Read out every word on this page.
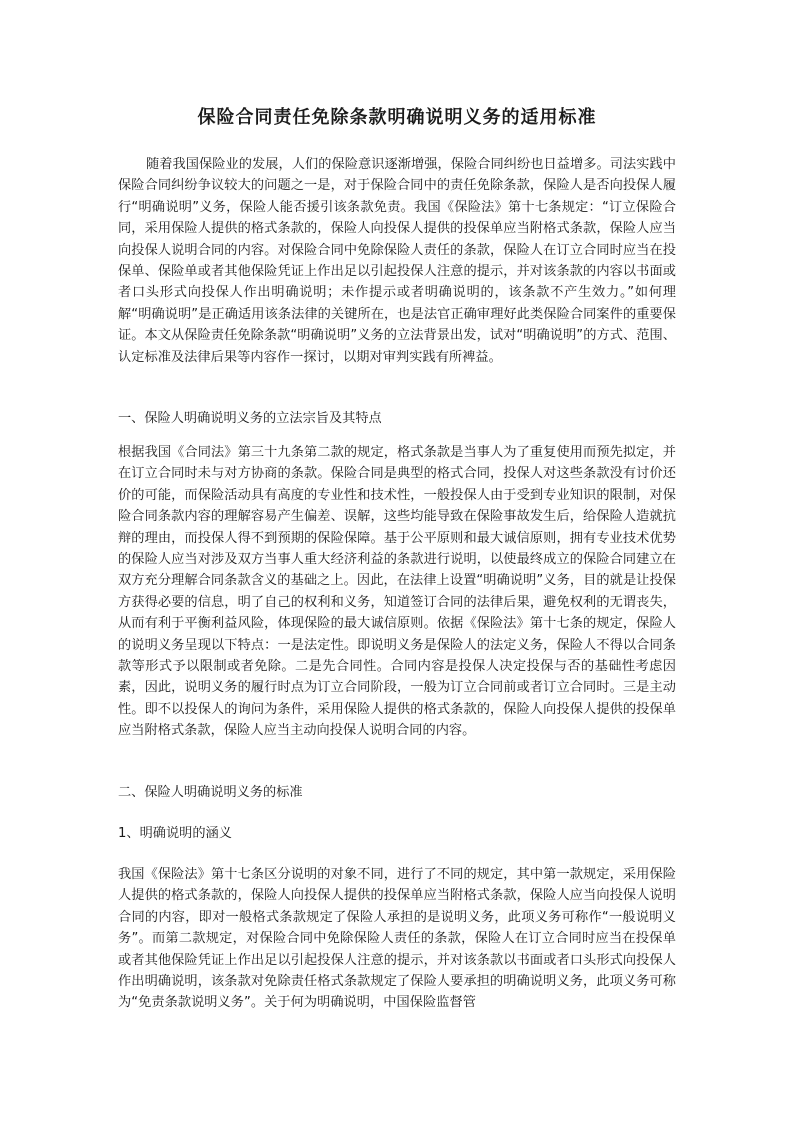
保险合同责任免除条款明确说明义务的适用标准

随着我国保险业的发展，人们的保险意识逐渐增强，保险合同纠纷也日益增多。司法实践中保险合同纠纷争议较大的问题之一是，对于保险合同中的责任免除条款，保险人是否向投保人履行“明确说明”义务，保险人能否援引该条款免责。我国《保险法》第十七条规定：“订立保险合同，采用保险人提供的格式条款的，保险人向投保人提供的投保单应当附格式条款，保险人应当向投保人说明合同的内容。对保险合同中免除保险人责任的条款，保险人在订立合同时应当在投保单、保险单或者其他保险凭证上作出足以引起投保人注意的提示，并对该条款的内容以书面或者口头形式向投保人作出明确说明；未作提示或者明确说明的，该条款不产生效力。”如何理解“明确说明”是正确适用该条法律的关键所在，也是法官正确审理好此类保险合同案件的重要保证。本文从保险责任免除条款“明确说明”义务的立法背景出发，试对“明确说明”的方式、范围、认定标准及法律后果等内容作一探讨，以期对审判实践有所裨益。

一、保险人明确说明义务的立法宗旨及其特点

根据我国《合同法》第三十九条第二款的规定，格式条款是当事人为了重复使用而预先拟定，并在订立合同时未与对方协商的条款。保险合同是典型的格式合同，投保人对这些条款没有讨价还价的可能，而保险活动具有高度的专业性和技术性，一般投保人由于受到专业知识的限制，对保险合同条款内容的理解容易产生偏差、误解，这些均能导致在保险事故发生后，给保险人造就抗辩的理由，而投保人得不到预期的保险保障。基于公平原则和最大诚信原则，拥有专业技术优势的保险人应当对涉及双方当事人重大经济利益的条款进行说明，以使最终成立的保险合同建立在双方充分理解合同条款含义的基础之上。因此，在法律上设置“明确说明”义务，目的就是让投保方获得必要的信息，明了自己的权利和义务，知道签订合同的法律后果，避免权利的无谓丧失，从而有利于平衡利益风险，体现保险的最大诚信原则。依据《保险法》第十七条的规定，保险人的说明义务呈现以下特点：一是法定性。即说明义务是保险人的法定义务，保险人不得以合同条款等形式予以限制或者免除。二是先合同性。合同内容是投保人决定投保与否的基础性考虑因素，因此，说明义务的履行时点为订立合同阶段，一般为订立合同前或者订立合同时。三是主动性。即不以投保人的询问为条件，采用保险人提供的格式条款的，保险人向投保人提供的投保单应当附格式条款，保险人应当主动向投保人说明合同的内容。

二、保险人明确说明义务的标准

1、明确说明的涵义

我国《保险法》第十七条区分说明的对象不同，进行了不同的规定，其中第一款规定，采用保险人提供的格式条款的，保险人向投保人提供的投保单应当附格式条款，保险人应当向投保人说明合同的内容，即对一般格式条款规定了保险人承担的是说明义务，此项义务可称作“一般说明义务”。而第二款规定，对保险合同中免除保险人责任的条款，保险人在订立合同时应当在投保单或者其他保险凭证上作出足以引起投保人注意的提示，并对该条款以书面或者口头形式向投保人作出明确说明，该条款对免除责任格式条款规定了保险人要承担的明确说明义务，此项义务可称为“免责条款说明义务”。关于何为明确说明，中国保险监督管
